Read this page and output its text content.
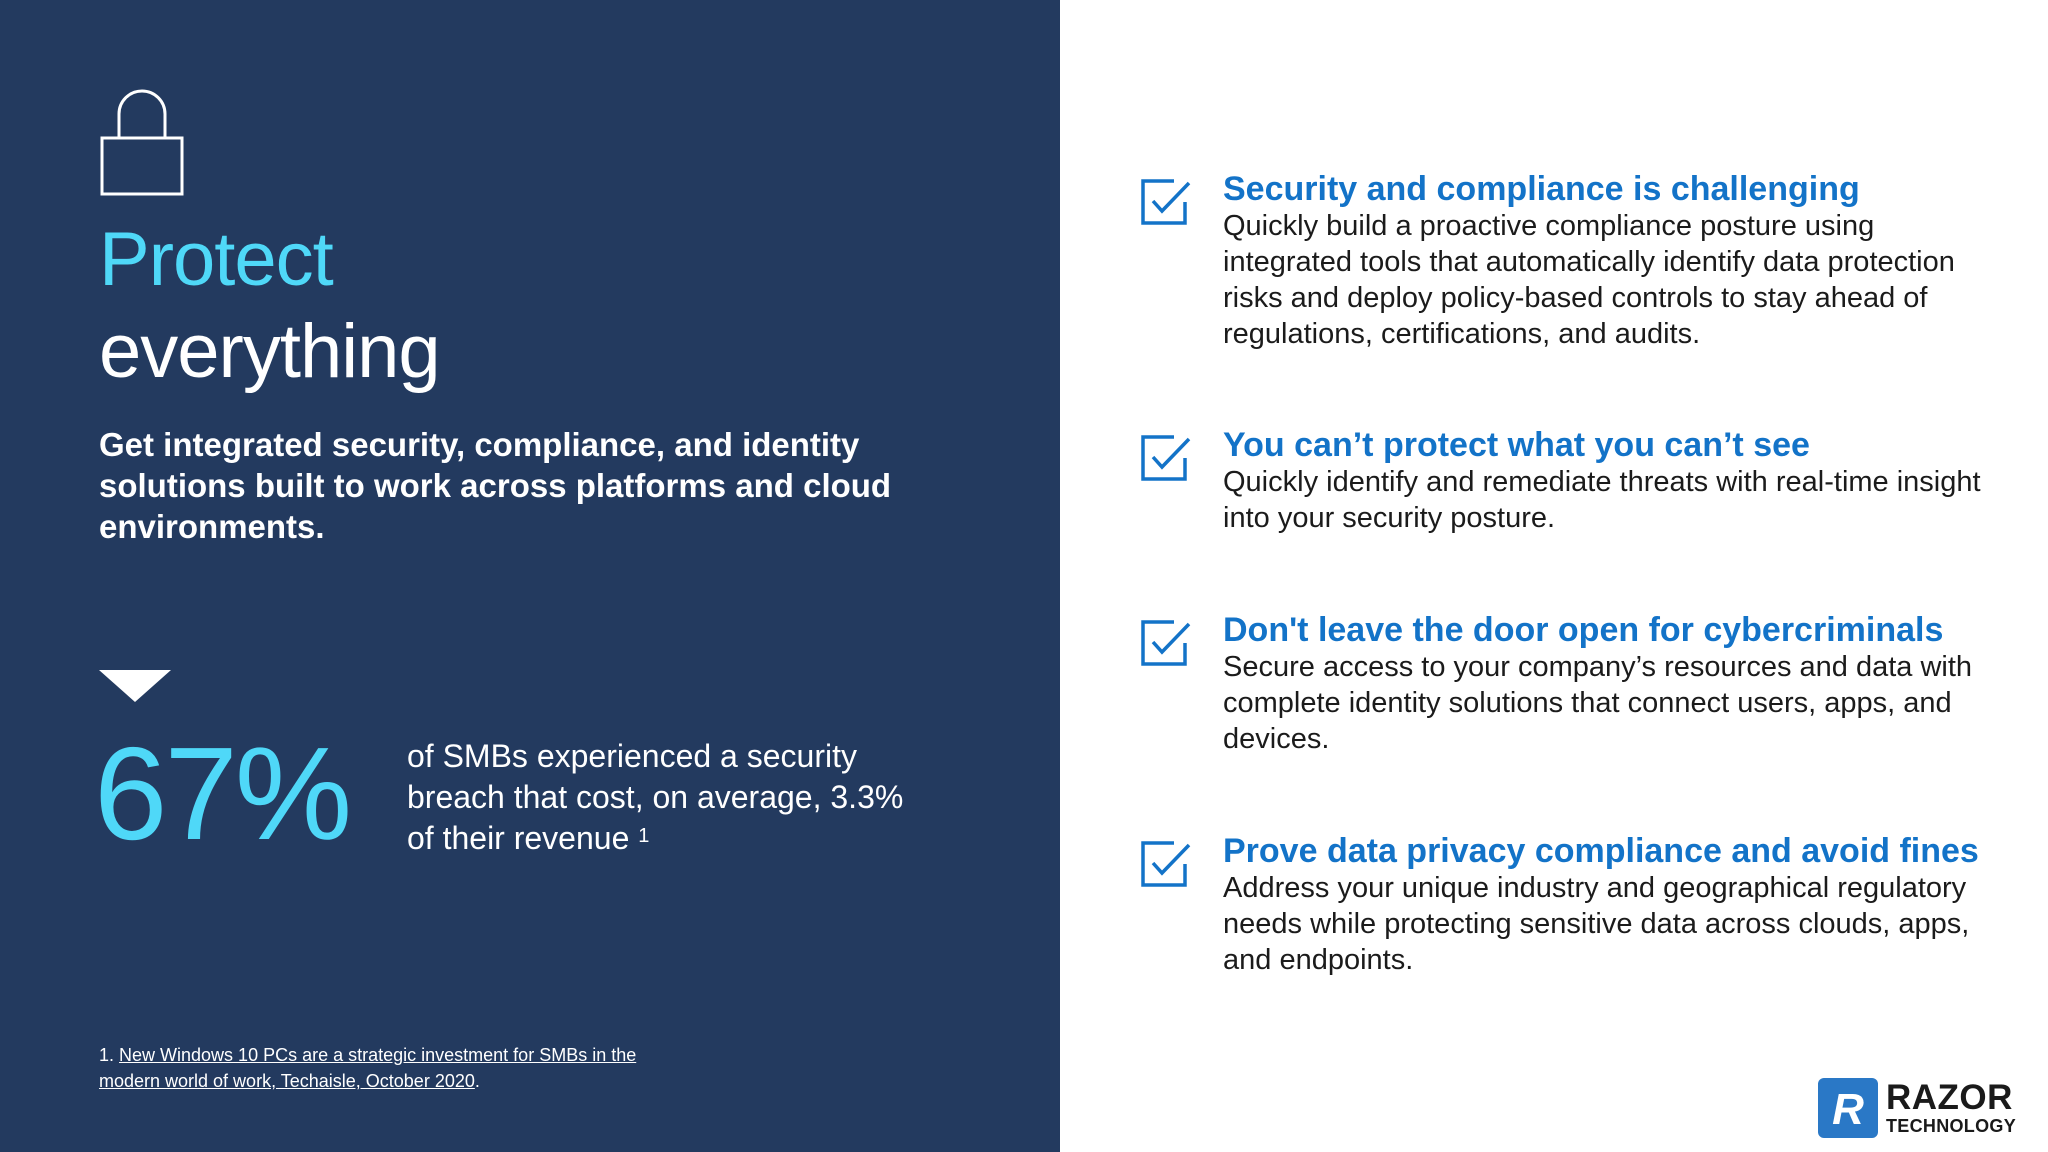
Protect
everything

Get integrated security, compliance, and identity solutions built to work across platforms and cloud environments.

67% of SMBs experienced a security breach that cost, on average, 3.3% of their revenue $^1$

1. New Windows 10 PCs are a strategic investment for SMBs in the modern world of work, Techaisle, October 2020.

Security and compliance is challenging

Quickly build a proactive compliance posture using integrated tools that automatically identify data protection risks and deploy policy-based controls to stay ahead of regulations, certifications, and audits.

You can’t protect what you can’t see

Quickly identify and remediate threats with real-time insight into your security posture.

Don't leave the door open for cybercriminals

Secure access to your company’s resources and data with complete identity solutions that connect users, apps, and devices.

Prove data privacy compliance and avoid fines

Address your unique industry and geographical regulatory needs while protecting sensitive data across clouds, apps, and endpoints.

R RAZOR
TECHNOLOGY
